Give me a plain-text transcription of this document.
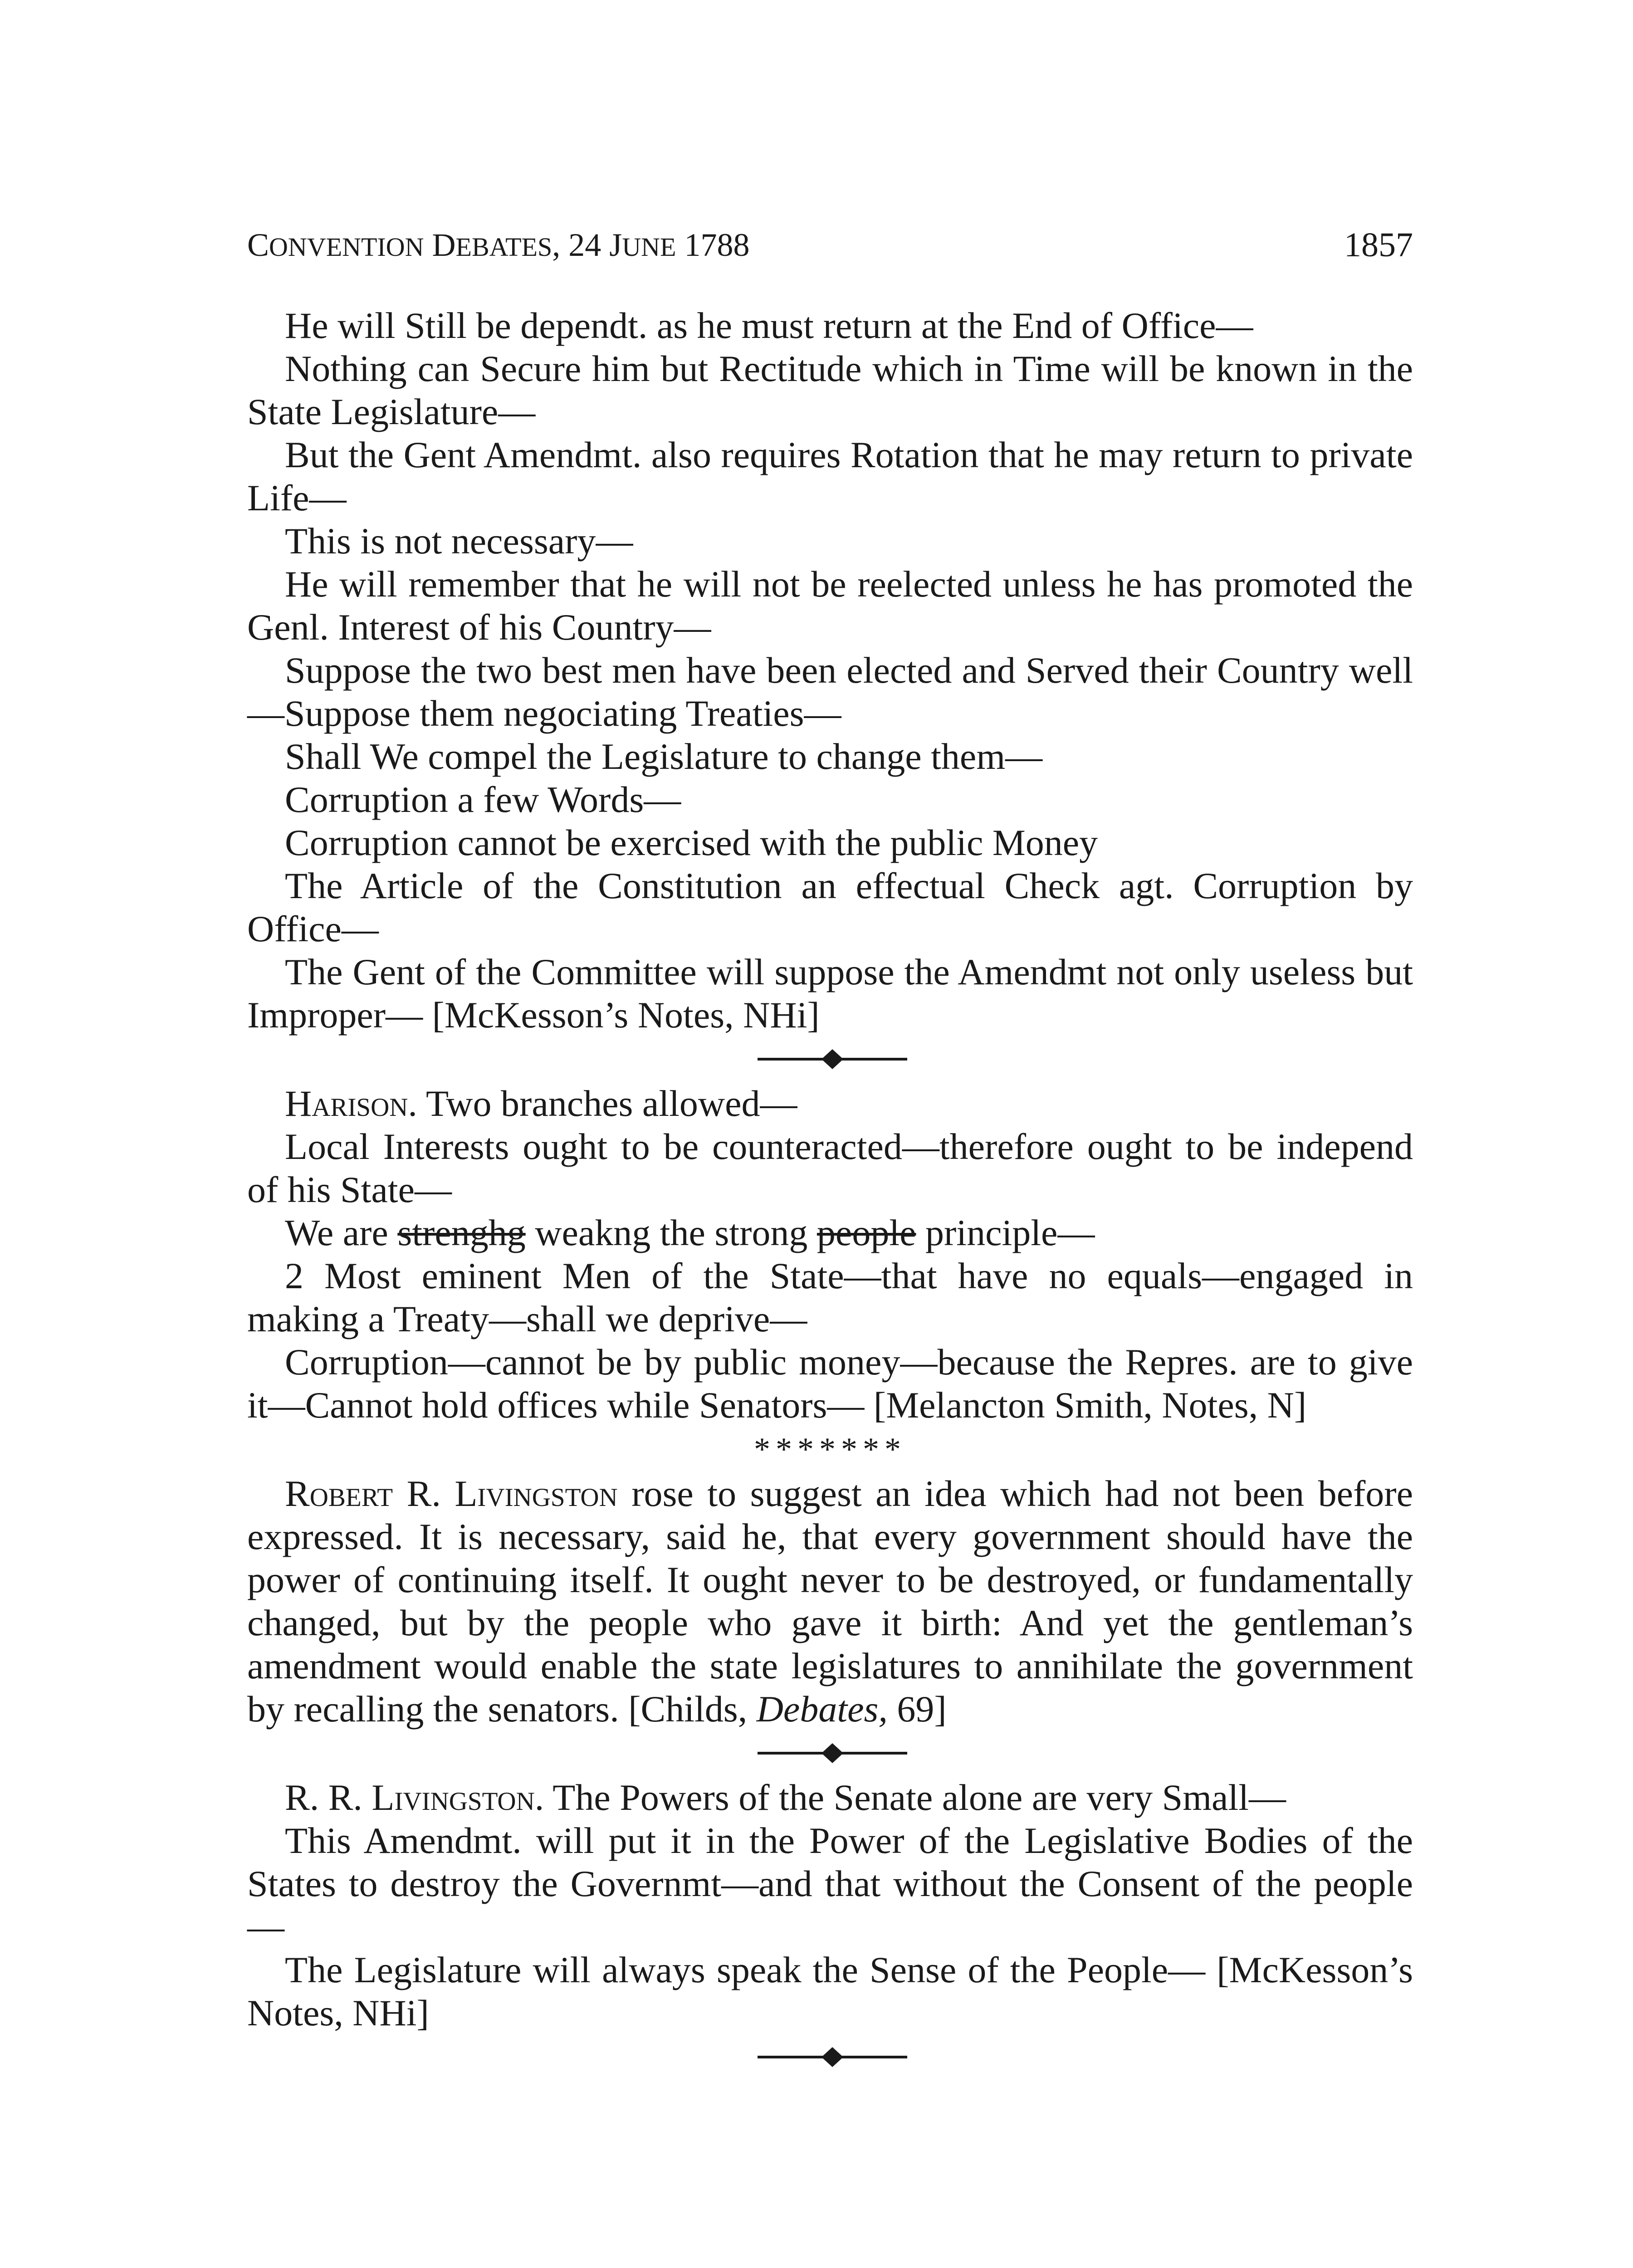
CONVENTION DEBATES, 24 JUNE 1788	1857

He will Still be dependt. as he must return at the End of Office—

Nothing can Secure him but Rectitude which in Time will be known in the State Legislature—

But the Gent Amendmt. also requires Rotation that he may return to private Life—

This is not necessary—

He will remember that he will not be reelected unless he has promoted the Genl. Interest of his Country—

Suppose the two best men have been elected and Served their Country well—Suppose them negociating Treaties—

Shall We compel the Legislature to change them—

Corruption a few Words—

Corruption cannot be exercised with the public Money

The Article of the Constitution an effectual Check agt. Corruption by Office—

The Gent of the Committee will suppose the Amendmt not only useless but Improper— [McKesson’s Notes, NHi]

Harison. Two branches allowed—

Local Interests ought to be counteracted—therefore ought to be independ of his State—

We are strenghg weakng the strong people principle—

2 Most eminent Men of the State—that have no equals—engaged in making a Treaty—shall we deprive—

Corruption—cannot be by public money—because the Repres. are to give it—Cannot hold offices while Senators— [Melancton Smith, Notes, N]

*******

Robert R. Livingston rose to suggest an idea which had not been before expressed. It is necessary, said he, that every government should have the power of continuing itself. It ought never to be destroyed, or fundamentally changed, but by the people who gave it birth: And yet the gentleman’s amendment would enable the state legislatures to annihilate the government by recalling the senators. [Childs, Debates, 69]

R. R. Livingston. The Powers of the Senate alone are very Small—

This Amendmt. will put it in the Power of the Legislative Bodies of the States to destroy the Governmt—and that without the Consent of the people—

The Legislature will always speak the Sense of the People— [McKesson’s Notes, NHi]
